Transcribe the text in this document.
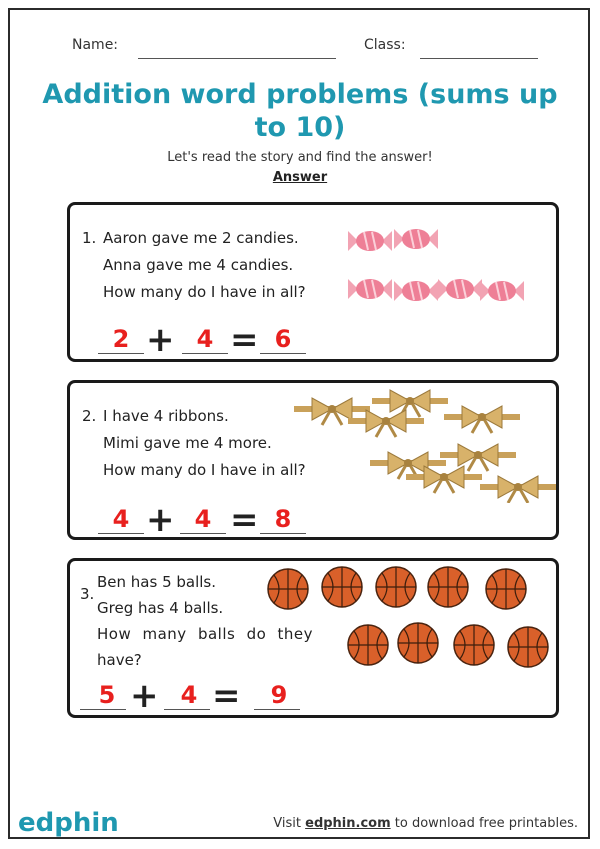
Name:	Class:
Addition word problems (sums up to 10)
Let's read the story and find the answer!
Answer
1. Aaron gave me 2 candies.
Anna gave me 4 candies.
How many do I have in all?
2 + 4 = 6
2. I have 4 ribbons.
Mimi gave me 4 more.
How many do I have in all?
4 + 4 = 8
3.
Ben has 5 balls.
Greg has 4 balls.
How many balls do they
have?
5 + 4 =	9
edphin	Visit edphin.com to download free printables.
